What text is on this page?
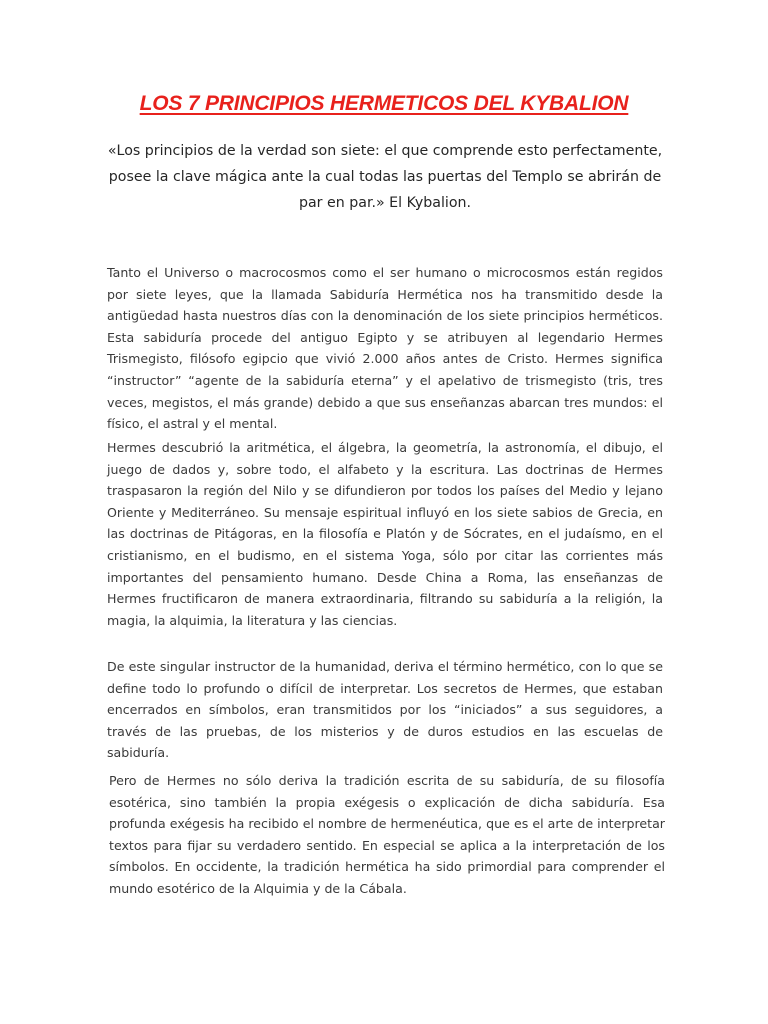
LOS 7 PRINCIPIOS HERMETICOS DEL KYBALION
«Los principios de la verdad son siete: el que comprende esto perfectamente, posee la clave mágica ante la cual todas las puertas del Templo se abrirán de par en par.» El Kybalion.

Tanto el Universo o macrocosmos como el ser humano o microcosmos están regidos por siete leyes, que la llamada Sabiduría Hermética nos ha transmitido desde la antigüedad hasta nuestros días con la denominación de los siete principios herméticos. Esta sabiduría procede del antiguo Egipto y se atribuyen al legendario Hermes Trismegisto, filósofo egipcio que vivió 2.000 años antes de Cristo. Hermes significa “instructor” “agente de la sabiduría eterna” y el apelativo de trismegisto (tris, tres veces, megistos, el más grande) debido a que sus enseñanzas abarcan tres mundos: el físico, el astral y el mental.

Hermes descubrió la aritmética, el álgebra, la geometría, la astronomía, el dibujo, el juego de dados y, sobre todo, el alfabeto y la escritura. Las doctrinas de Hermes traspasaron la región del Nilo y se difundieron por todos los países del Medio y lejano Oriente y Mediterráneo. Su mensaje espiritual influyó en los siete sabios de Grecia, en las doctrinas de Pitágoras, en la filosofía e Platón y de Sócrates, en el judaísmo, en el cristianismo, en el budismo, en el sistema Yoga, sólo por citar las corrientes más importantes del pensamiento humano. Desde China a Roma, las enseñanzas de Hermes fructificaron de manera extraordinaria, filtrando su sabiduría a la religión, la magia, la alquimia, la literatura y las ciencias.

De este singular instructor de la humanidad, deriva el término hermético, con lo que se define todo lo profundo o difícil de interpretar. Los secretos de Hermes, que estaban encerrados en símbolos, eran transmitidos por los “iniciados” a sus seguidores, a través de las pruebas, de los misterios y de duros estudios en las escuelas de sabiduría.

Pero de Hermes no sólo deriva la tradición escrita de su sabiduría, de su filosofía esotérica, sino también la propia exégesis o explicación de dicha sabiduría. Esa profunda exégesis ha recibido el nombre de hermenéutica, que es el arte de interpretar textos para fijar su verdadero sentido. En especial se aplica a la interpretación de los símbolos. En occidente, la tradición hermética ha sido primordial para comprender el mundo esotérico de la Alquimia y de la Cábala.
